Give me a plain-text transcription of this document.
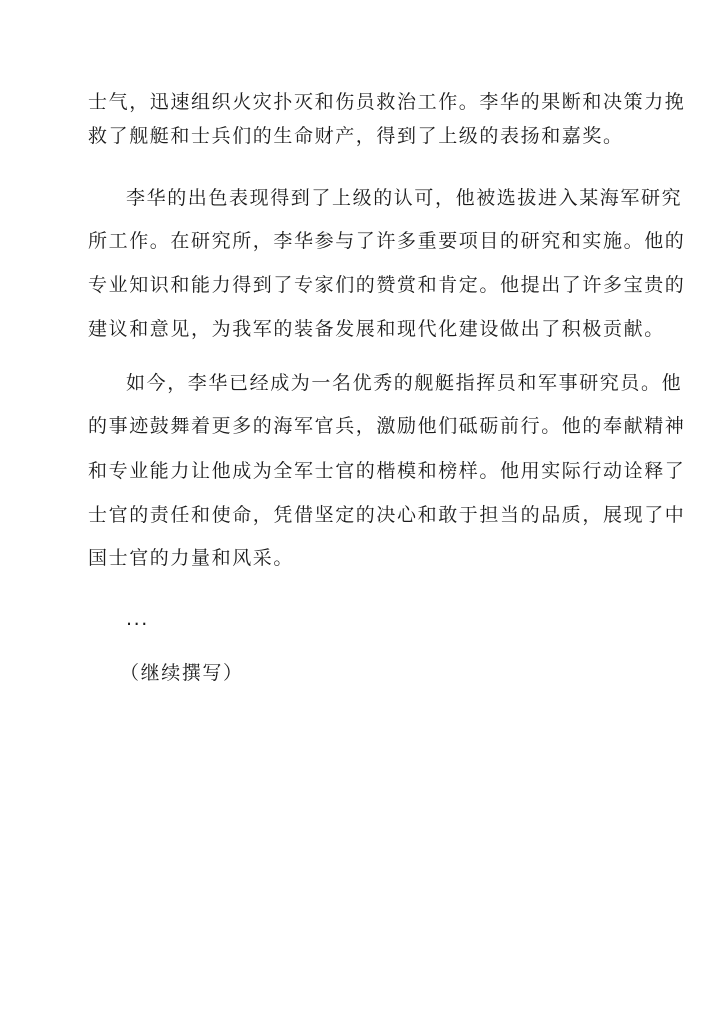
士气，迅速组织火灾扑灭和伤员救治工作。李华的果断和决策力挽
救了舰艇和士兵们的生命财产，得到了上级的表扬和嘉奖。
李华的出色表现得到了上级的认可，他被选拔进入某海军研究
所工作。在研究所，李华参与了许多重要项目的研究和实施。他的
专业知识和能力得到了专家们的赞赏和肯定。他提出了许多宝贵的
建议和意见，为我军的装备发展和现代化建设做出了积极贡献。
如今，李华已经成为一名优秀的舰艇指挥员和军事研究员。他
的事迹鼓舞着更多的海军官兵，激励他们砥砺前行。他的奉献精神
和专业能力让他成为全军士官的楷模和榜样。他用实际行动诠释了
士官的责任和使命，凭借坚定的决心和敢于担当的品质，展现了中
国士官的力量和风采。
...
（继续撰写）
